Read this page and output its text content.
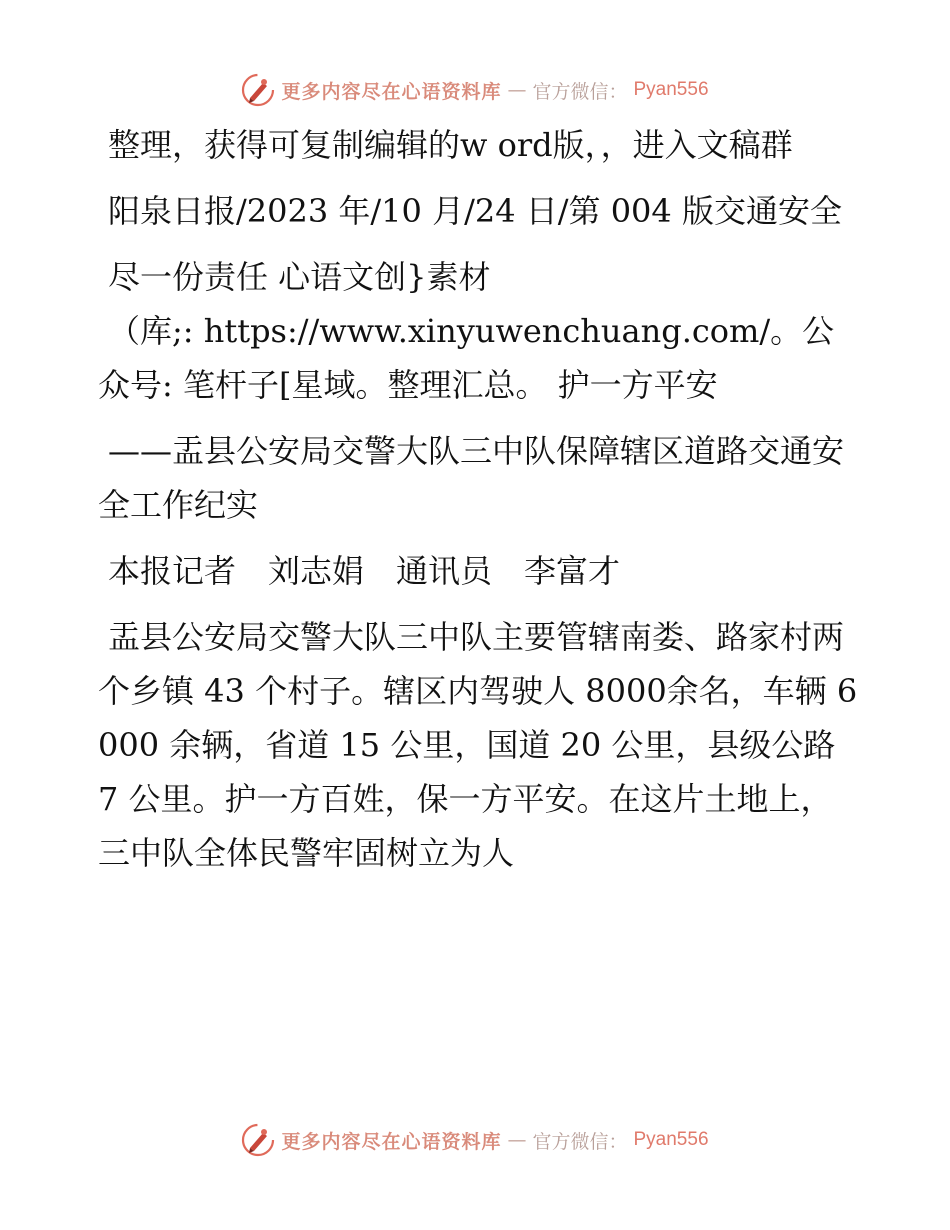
更多内容尽在心语资料库 — 官方微信： Pyan556

整理，获得可复制编辑的w ord版，，进入文稿群

阳泉日报/2023 年/10 月/24 日/第 004 版交通安全

尽一份责任 心语文创}素材

（库;: https://www.xinyuwenchuang.com/。公众号: 笔杆子[星域。整理汇总。 护一方平安

——盂县公安局交警大队三中队保障辖区道路交通安全工作纪实

本报记者　刘志娟　通讯员　李富才

盂县公安局交警大队三中队主要管辖南娄、路家村两个乡镇 43 个村子。辖区内驾驶人 8000余名，车辆 6000 余辆，省道 15 公里，国道 20 公里，县级公路 7 公里。护一方百姓，保一方平安。在这片土地上，三中队全体民警牢固树立为人

更多内容尽在心语资料库 — 官方微信： Pyan556
